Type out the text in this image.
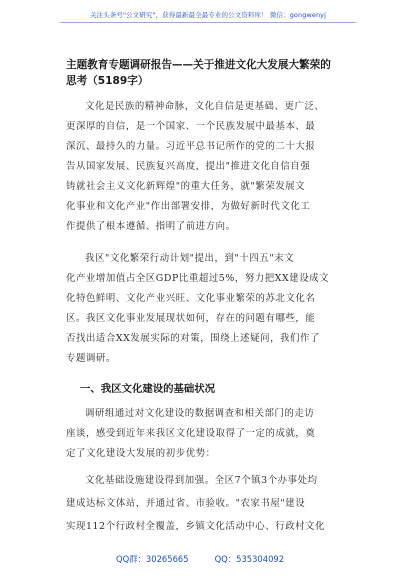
关注头条号"公文研究"，获得最新最全最专业的公文资料库！ 微信：gongwenyj
主题教育专题调研报告——关于推进文化大发展大繁荣的
思考（5189字）
文化是民族的精神命脉，文化自信是更基础、更广泛、
更深厚的自信，是一个国家、一个民族发展中最基本、最
深沉、最持久的力量。习近平总书记所作的党的二十大报
告从国家发展、民族复兴高度，提出"推进文化自信自强
铸就社会主义文化新辉煌"的重大任务，就"繁荣发展文
化事业和文化产业"作出部署安排，为做好新时代文化工
作提供了根本遵循、指明了前进方向。
我区"文化繁荣行动计划"提出，到"十四五"末文
化产业增加值占全区GDP比重超过5%，努力把XX建设成文
化特色鲜明、文化产业兴旺、文化事业繁荣的苏北文化名
区。我区文化事业发展现状如何，存在的问题有哪些，能
否找出适合XX发展实际的对策，围绕上述疑问，我们作了
专题调研。
一、我区文化建设的基础状况
调研组通过对文化建设的数据调查和相关部门的走访
座谈，感受到近年来我区文化建设取得了一定的成就，奠
定了文化建设大发展的初步优势：
文化基础设施建设得到加强。全区7个镇3个办事处均
建成达标文体站，并通过省、市验收。"农家书屋"建设
实现112个行政村全覆盖，乡镇文化活动中心、行政村文化
QQ群：30265665	QQ：535304092
